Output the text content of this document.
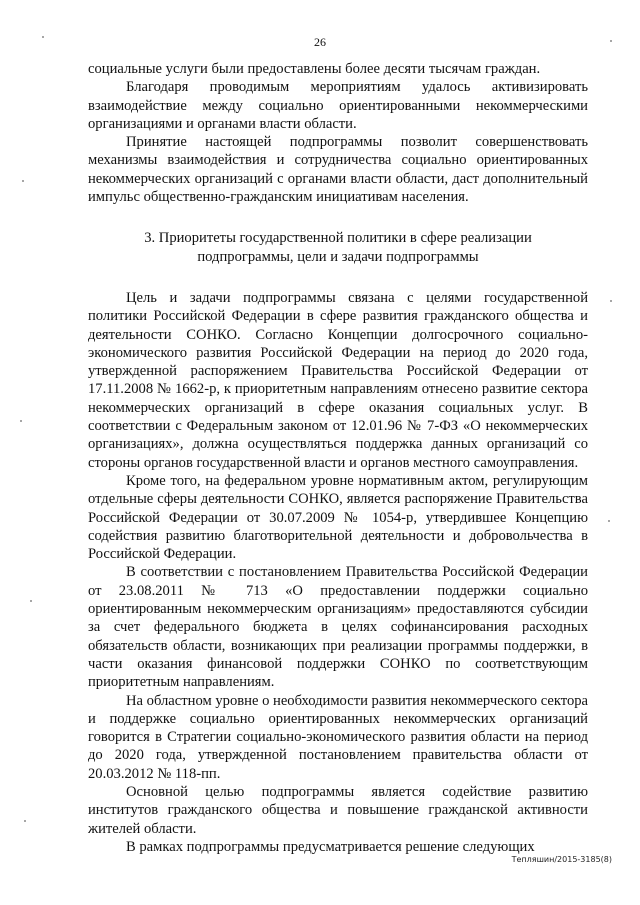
26

социальные услуги были предоставлены более десяти тысячам граждан.

Благодаря проводимым мероприятиям удалось активизировать взаимодействие между социально ориентированными некоммерческими организациями и органами власти области.

Принятие настоящей подпрограммы позволит совершенствовать механизмы взаимодействия и сотрудничества социально ориентированных некоммерческих организаций с органами власти области, даст дополнительный импульс общественно-гражданским инициативам населения.

3. Приоритеты государственной политики в сфере реализации подпрограммы, цели и задачи подпрограммы

Цель и задачи подпрограммы связана с целями государственной политики Российской Федерации в сфере развития гражданского общества и деятельности СОНКО. Согласно Концепции долгосрочного социально-экономического развития Российской Федерации на период до 2020 года, утвержденной распоряжением Правительства Российской Федерации от 17.11.2008 № 1662-р, к приоритетным направлениям отнесено развитие сектора некоммерческих организаций в сфере оказания социальных услуг. В соответствии с Федеральным законом от 12.01.96 № 7-ФЗ «О некоммерческих организациях», должна осуществляться поддержка данных организаций со стороны органов государственной власти и органов местного самоуправления.

Кроме того, на федеральном уровне нормативным актом, регулирующим отдельные сферы деятельности СОНКО, является распоряжение Правительства Российской Федерации от 30.07.2009 № 1054-р, утвердившее Концепцию содействия развитию благотворительной деятельности и добровольчества в Российской Федерации.

В соответствии с постановлением Правительства Российской Федерации от 23.08.2011 № 713 «О предоставлении поддержки социально ориентированным некоммерческим организациям» предоставляются субсидии за счет федерального бюджета в целях софинансирования расходных обязательств области, возникающих при реализации программы поддержки, в части оказания финансовой поддержки СОНКО по соответствующим приоритетным направлениям.

На областном уровне о необходимости развития некоммерческого сектора и поддержке социально ориентированных некоммерческих организаций говорится в Стратегии социально-экономического развития области на период до 2020 года, утвержденной постановлением правительства области от 20.03.2012 № 118-пп.

Основной целью подпрограммы является содействие развитию институтов гражданского общества и повышение гражданской активности жителей области.

В рамках подпрограммы предусматривается решение следующих

Тепляшин/2015-3185(8)
